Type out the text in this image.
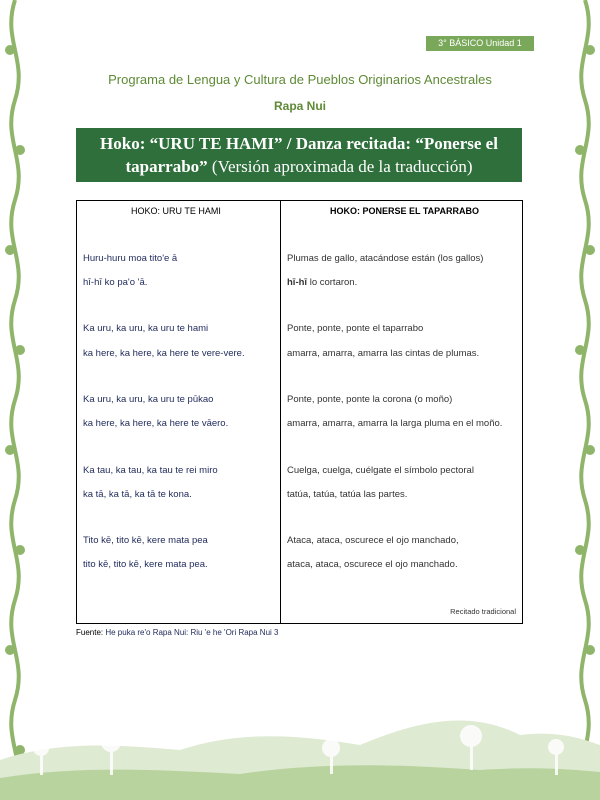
3° BÁSICO Unidad 1
Programa de Lengua y Cultura de Pueblos Originarios Ancestrales
Rapa Nui
Hoko: “URU TE HAMI” / Danza recitada: “Ponerse el taparrabo” (Versión aproximada de la traducción)
HOKO: URU TE HAMI	HOKO: PONERSE EL TAPARRABO
Huru-huru moa tito'e ā	Plumas de gallo, atacándose están (los gallos)
hī-hī ko pa'o 'ā.	hī-hī lo cortaron.
Ka uru, ka uru, ka uru te hami	Ponte, ponte, ponte el taparrabo
ka here, ka here, ka here te vere-vere.	amarra, amarra, amarra las cintas de plumas.
Ka uru, ka uru, ka uru te pūkao	Ponte, ponte, ponte la corona (o moño)
ka here, ka here, ka here te vāero.	amarra, amarra, amarra la larga pluma en el moño.
Ka tau, ka tau, ka tau te rei miro	Cuelga, cuelga, cuélgate el símbolo pectoral
ka tā, ka tā, ka tā te kona.	tatúa, tatúa, tatúa las partes.
Tito kē, tito kē, kere mata pea	Ataca, ataca, oscurece el ojo manchado,
tito kē, tito kē, kere mata pea.	ataca, ataca, oscurece el ojo manchado.
Recitado tradicional
Fuente: He puka re'o Rapa Nui: Riu 'e he 'Ori Rapa Nui 3
